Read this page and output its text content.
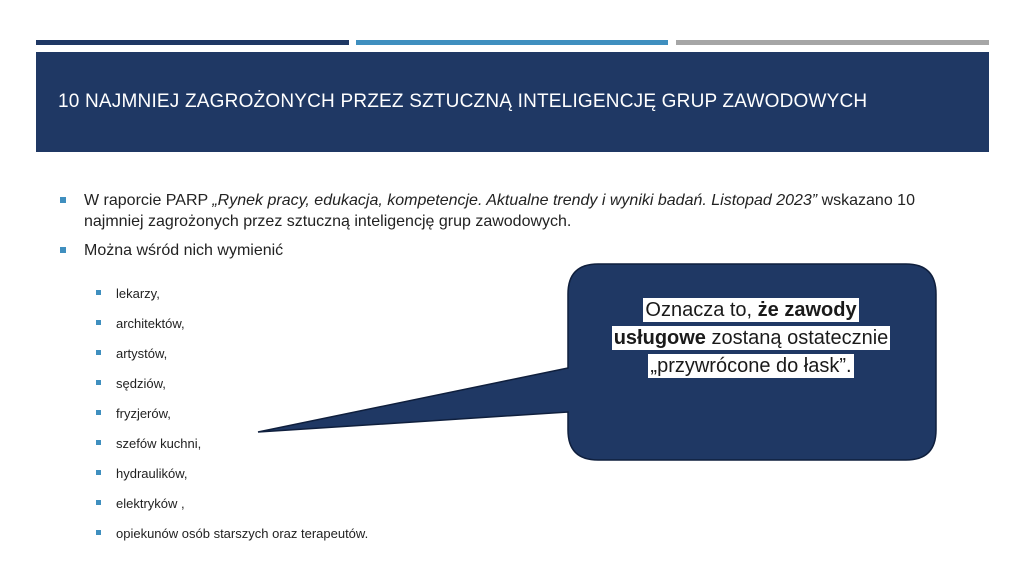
10 NAJMNIEJ ZAGROŻONYCH PRZEZ SZTUCZNĄ INTELIGENCJĘ GRUP ZAWODOWYCH
W raporcie PARP „Rynek pracy, edukacja, kompetencje. Aktualne trendy i wyniki badań. Listopad 2023” wskazano 10 najmniej zagrożonych przez sztuczną inteligencję grup zawodowych.
Można wśród nich wymienić
lekarzy,
architektów,
artystów,
sędziów,
fryzjerów,
szefów kuchni,
hydraulików,
elektryków ,
opiekunów osób starszych oraz terapeutów.
Oznacza to, że zawody
usługowe zostaną ostatecznie
„przywrócone do łask”.
